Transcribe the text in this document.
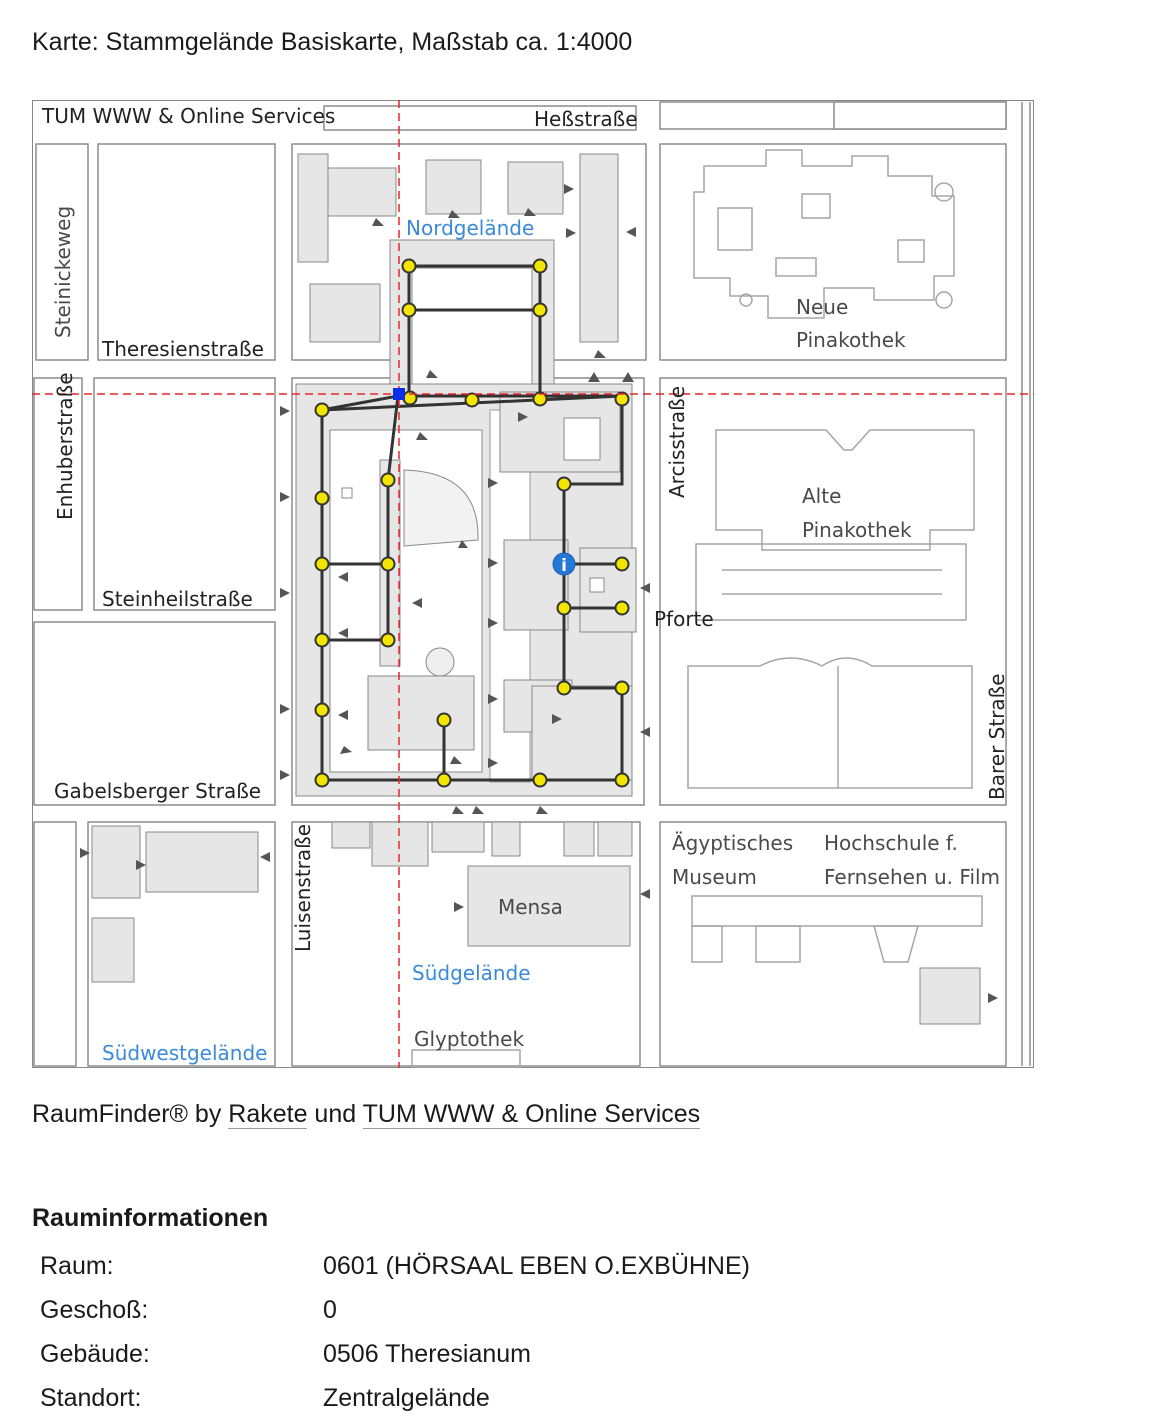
Karte: Stammgelände Basiskarte, Maßstab ca. 1:4000
i
TUM WWW & Online Services	Heßstraße
Steinickeweg
Theresienstraße
Nordgelände
Neue
Pinakothek
Enhuberstraße	Arcisstraße	Alte
Pinakothek
Steinheilstraße
Pforte
Gabelsberger Straße	Barer Straße
Luisenstraße	Ägyptisches
Museum
Hochschule f.
Fernsehen u. Film
Mensa
Südgelände
Südwestgelände
Glyptothek
RaumFinder® by Rakete und TUM WWW & Online Services
Rauminformationen
Raum:	0601 (HÖRSAAL EBEN O.EXBÜHNE)
Geschoß:	0
Gebäude:	0506 Theresianum
Standort:	Zentralgelände
